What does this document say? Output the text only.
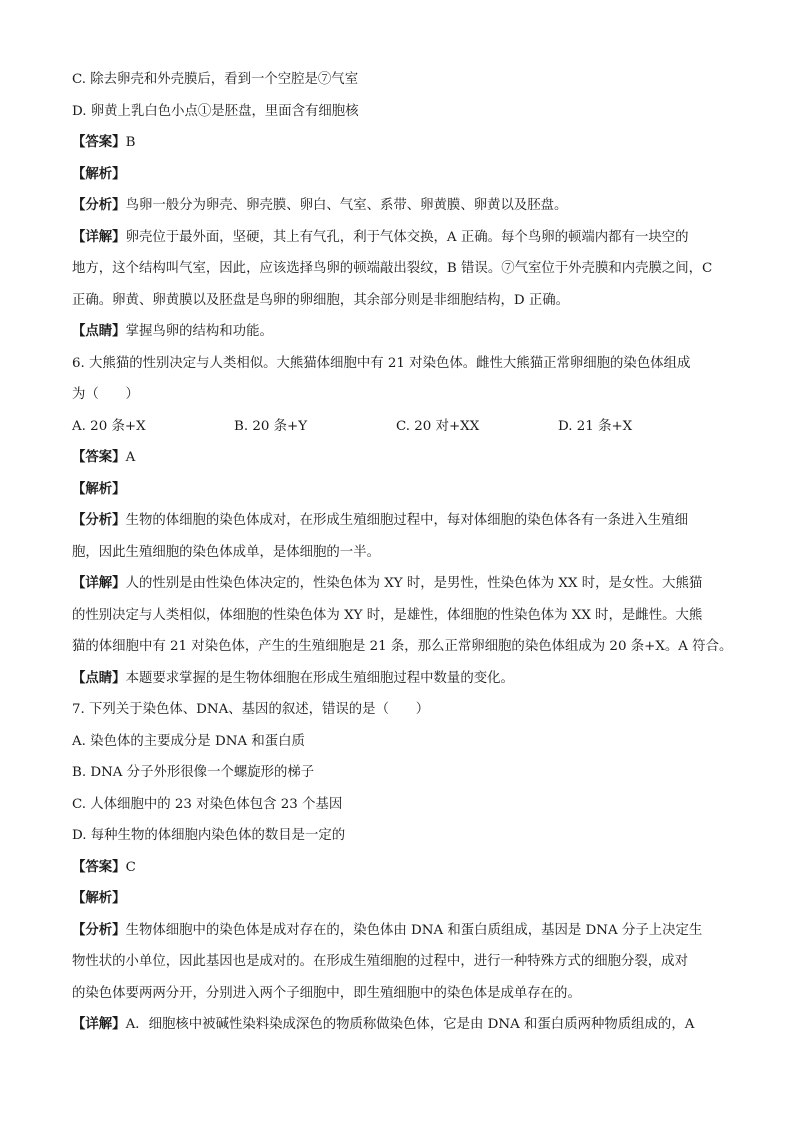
C. 除去卵壳和外壳膜后，看到一个空腔是⑦气室

D. 卵黄上乳白色小点①是胚盘，里面含有细胞核

【答案】B

【解析】

【分析】鸟卵一般分为卵壳、卵壳膜、卵白、气室、系带、卵黄膜、卵黄以及胚盘。

【详解】卵壳位于最外面，坚硬，其上有气孔，利于气体交换，A 正确。每个鸟卵的顿端内都有一块空的

地方，这个结构叫气室，因此，应该选择鸟卵的顿端敲出裂纹，B 错误。⑦气室位于外壳膜和内壳膜之间，C

正确。卵黄、卵黄膜以及胚盘是鸟卵的卵细胞，其余部分则是非细胞结构，D 正确。

【点睛】掌握鸟卵的结构和功能。

6. 大熊猫的性别决定与人类相似。大熊猫体细胞中有 21 对染色体。雌性大熊猫正常卵细胞的染色体组成

为（　　）

A. 20 条+X	B. 20 条+Y	C. 20 对+XX	D. 21 条+X

【答案】A

【解析】

【分析】生物的体细胞的染色体成对，在形成生殖细胞过程中，每对体细胞的染色体各有一条进入生殖细

胞，因此生殖细胞的染色体成单，是体细胞的一半。

【详解】人的性别是由性染色体决定的，性染色体为 XY 时，是男性，性染色体为 XX 时，是女性。大熊猫

的性别决定与人类相似，体细胞的性染色体为 XY 时，是雄性，体细胞的性染色体为 XX 时，是雌性。大熊

猫的体细胞中有 21 对染色体，产生的生殖细胞是 21 条，那么正常卵细胞的染色体组成为 20 条+X。A 符合。

【点睛】本题要求掌握的是生物体细胞在形成生殖细胞过程中数量的变化。

7. 下列关于染色体、DNA、基因的叙述，错误的是（　　）

A. 染色体的主要成分是 DNA 和蛋白质

B. DNA 分子外形很像一个螺旋形的梯子

C. 人体细胞中的 23 对染色体包含 23 个基因

D. 每种生物的体细胞内染色体的数目是一定的

【答案】C

【解析】

【分析】生物体细胞中的染色体是成对存在的，染色体由 DNA 和蛋白质组成，基因是 DNA 分子上决定生

物性状的小单位，因此基因也是成对的。在形成生殖细胞的过程中，进行一种特殊方式的细胞分裂，成对

的染色体要两两分开，分别进入两个子细胞中，即生殖细胞中的染色体是成单存在的。

【详解】A．细胞核中被碱性染料染成深色的物质称做染色体，它是由 DNA 和蛋白质两种物质组成的，A
